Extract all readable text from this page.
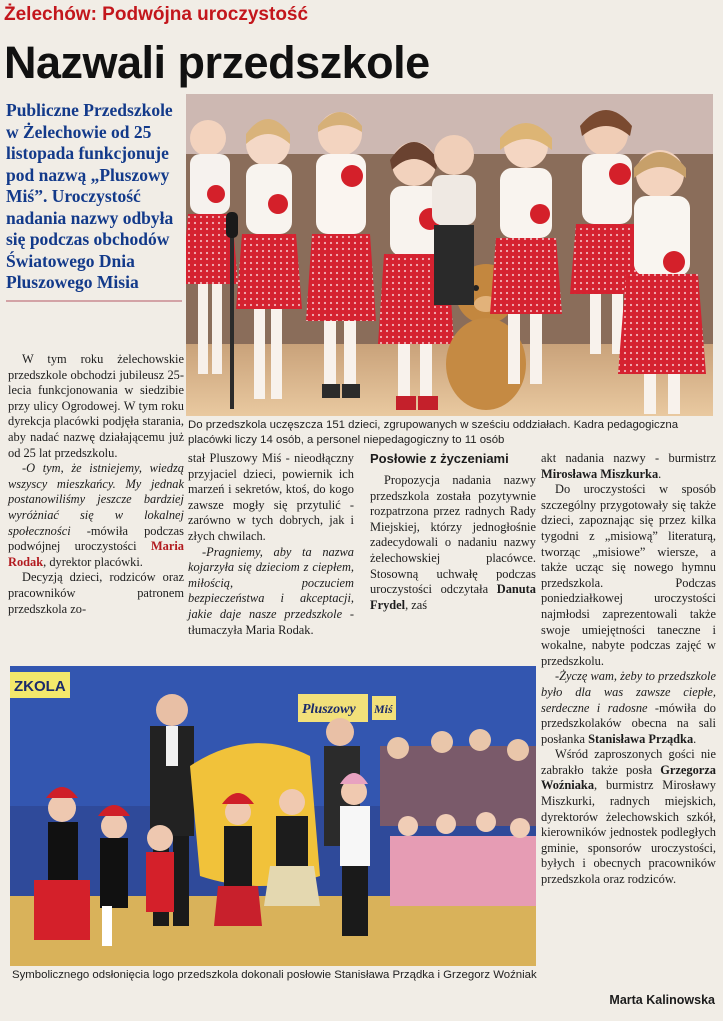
Żelechów: Podwójna uroczystość
Nazwali przedszkole
Publiczne Przedszkole w Żelechowie od 25 listopada funkcjonuje pod nazwą „Pluszowy Miś”. Uroczystość nadania nazwy odbyła się podczas obchodów Światowego Dnia Pluszowego Misia
Do przedszkola uczęszcza 151 dzieci, zgrupowanych w sześciu oddziałach. Kadra pedagogiczna placówki liczy 14 osób, a personel niepedagogiczny to 11 osób

W tym roku żelechowskie przedszkole obchodzi jubileusz 25-lecia funkcjonowania w siedzibie przy ulicy Ogrodowej. W tym roku dyrekcja placówki podjęła starania, aby nadać nazwę działającemu już od 25 lat przedszkolu.

-O tym, że istniejemy, wiedzą wszyscy mieszkańcy. My jednak postanowiliśmy jeszcze bardziej wyróżniać się w lokalnej społeczności -mówiła podczas podwójnej uroczystości Maria Rodak, dyrektor placówki.

Decyzją dzieci, rodziców oraz pracowników patronem przedszkola zo-

stał Pluszowy Miś - nieodłączny przyjaciel dzieci, powiernik ich marzeń i sekretów, ktoś, do kogo zawsze mogły się przytulić - zarówno w tych dobrych, jak i złych chwilach.

-Pragniemy, aby ta nazwa kojarzyła się dzieciom z ciepłem, miłością, poczuciem bezpieczeństwa i akceptacji, jakie daje nasze przedszkole -tłumaczyła Maria Rodak.

Posłowie z życzeniami

Propozycja nadania nazwy przedszkola została pozytywnie rozpatrzona przez radnych Rady Miejskiej, którzy jednogłośnie zadecydowali o nadaniu nazwy żelechowskiej placówce. Stosowną uchwałę podczas uroczystości odczytała Danuta Frydel, zaś

akt nadania nazwy - burmistrz Mirosława Miszkurka.

Do uroczystości w sposób szczególny przygotowały się także dzieci, zapoznając się przez kilka tygodni z „misiową” literaturą, tworząc „misiowe” wiersze, a także ucząc się nowego hymnu przedszkola. Podczas poniedziałkowej uroczystości najmłodsi zaprezentowali także swoje umiejętności taneczne i wokalne, nabyte podczas zajęć w przedszkolu.

-Życzę wam, żeby to przedszkole było dla was zawsze ciepłe, serdeczne i radosne -mówiła do przedszkolaków obecna na sali posłanka Stanisława Prządka.

Wśród zaproszonych gości nie zabrakło także posła Grzegorza Woźniaka, burmistrz Mirosławy Miszkurki, radnych miejskich, dyrektorów żelechowskich szkół, kierowników jednostek podległych gminie, sponsorów uroczystości, byłych i obecnych pracowników przedszkola oraz rodziców.

ZKOLA
Pluszowy Miś
Symbolicznego odsłonięcia logo przedszkola dokonali posłowie Stanisława Prządka i Grzegorz Woźniak
Marta Kalinowska
